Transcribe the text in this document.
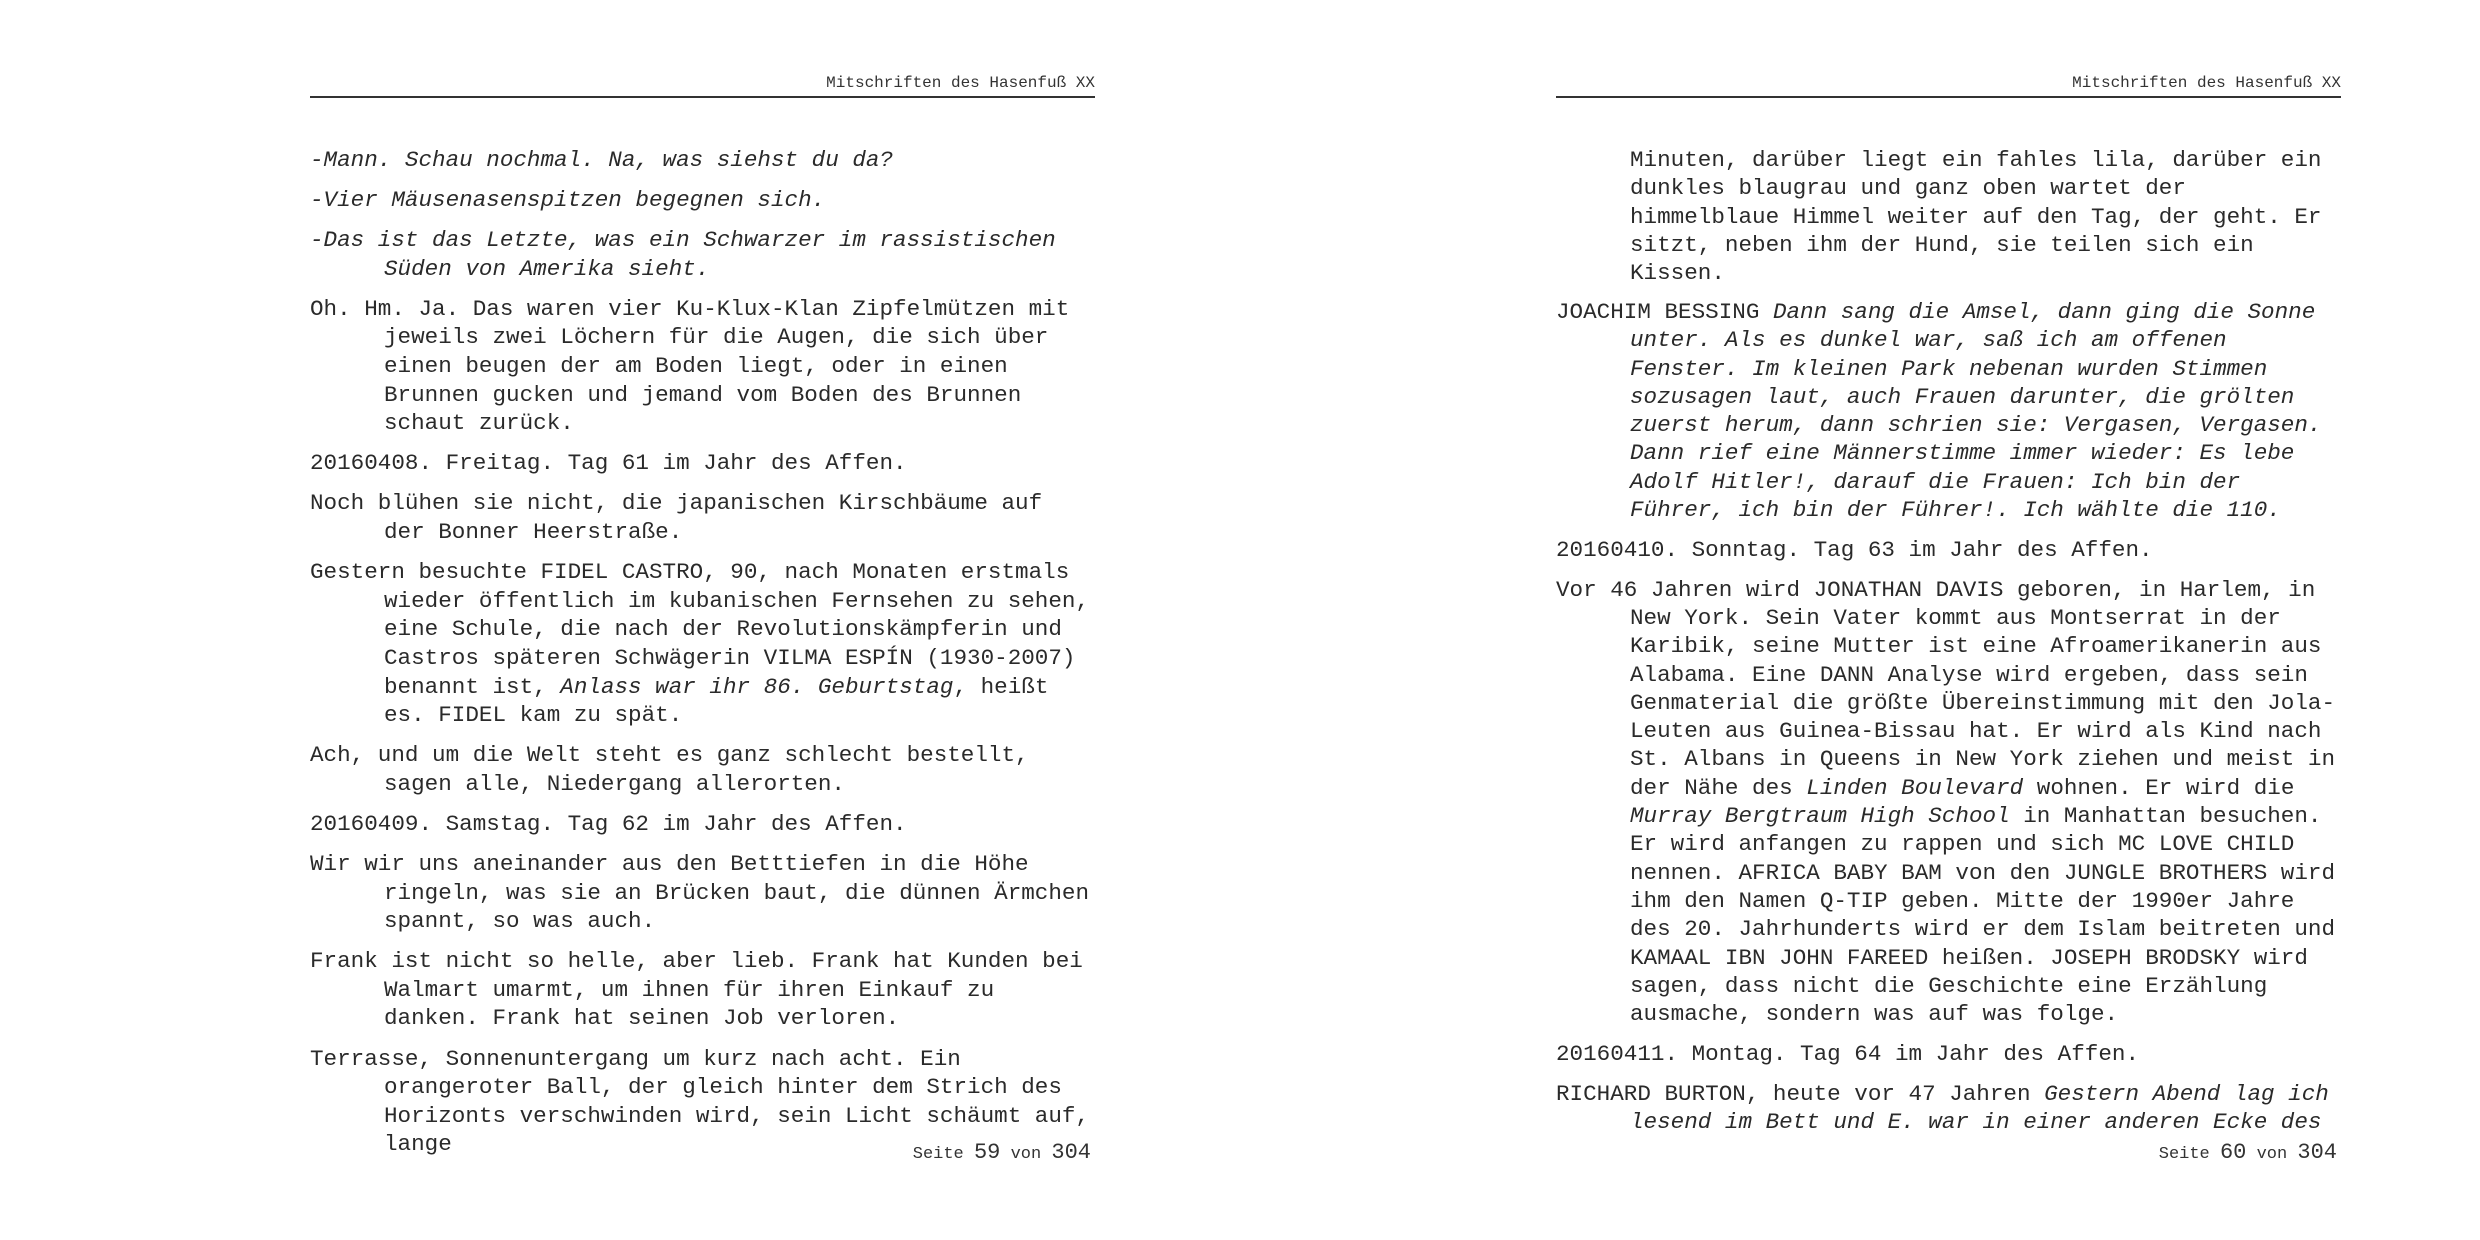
Mitschriften des Hasenfuß XX
-Mann. Schau nochmal. Na, was siehst du da?
-Vier Mäusenasenspitzen begegnen sich.
-Das ist das Letzte, was ein Schwarzer im rassistischen Süden von Amerika sieht.
Oh. Hm. Ja. Das waren vier Ku-Klux-Klan Zipfelmützen mit jeweils zwei Löchern für die Augen, die sich über einen beugen der am Boden liegt, oder in einen Brunnen gucken und jemand vom Boden des Brunnen schaut zurück.
20160408. Freitag. Tag 61 im Jahr des Affen.
Noch blühen sie nicht, die japanischen Kirschbäume auf der Bonner Heerstraße.
Gestern besuchte FIDEL CASTRO, 90, nach Monaten erstmals wieder öffentlich im kubanischen Fernsehen zu sehen, eine Schule, die nach der Revolutionskämpferin und Castros späteren Schwägerin VILMA ESPÍN (1930-2007) benannt ist, Anlass war ihr 86. Geburtstag, heißt es. FIDEL kam zu spät.
Ach, und um die Welt steht es ganz schlecht bestellt, sagen alle, Niedergang allerorten.
20160409. Samstag. Tag 62 im Jahr des Affen.
Wir wir uns aneinander aus den Betttiefen in die Höhe ringeln, was sie an Brücken baut, die dünnen Ärmchen spannt, so was auch.
Frank ist nicht so helle, aber lieb. Frank hat Kunden bei Walmart umarmt, um ihnen für ihren Einkauf zu danken. Frank hat seinen Job verloren.
Terrasse, Sonnenuntergang um kurz nach acht. Ein orangeroter Ball, der gleich hinter dem Strich des Horizonts verschwinden wird, sein Licht schäumt auf, lange	Seite 59 von 304
Mitschriften des Hasenfuß XX
Minuten, darüber liegt ein fahles lila, darüber ein dunkles blaugrau und ganz oben wartet der himmelblaue Himmel weiter auf den Tag, der geht. Er sitzt, neben ihm der Hund, sie teilen sich ein Kissen.
JOACHIM BESSING Dann sang die Amsel, dann ging die Sonne unter. Als es dunkel war, saß ich am offenen Fenster. Im kleinen Park nebenan wurden Stimmen sozusagen laut, auch Frauen darunter, die grölten zuerst herum, dann schrien sie: Vergasen, Vergasen. Dann rief eine Männerstimme immer wieder: Es lebe Adolf Hitler!, darauf die Frauen: Ich bin der Führer, ich bin der Führer!. Ich wählte die 110.
20160410. Sonntag. Tag 63 im Jahr des Affen.
Vor 46 Jahren wird JONATHAN DAVIS geboren, in Harlem, in New York. Sein Vater kommt aus Montserrat in der Karibik, seine Mutter ist eine Afroamerikanerin aus Alabama. Eine DANN Analyse wird ergeben, dass sein Genmaterial die größte Übereinstimmung mit den Jola-Leuten aus Guinea-Bissau hat. Er wird als Kind nach St. Albans in Queens in New York ziehen und meist in der Nähe des Linden Boulevard wohnen. Er wird die Murray Bergtraum High School in Manhattan besuchen. Er wird anfangen zu rappen und sich MC LOVE CHILD nennen. AFRICA BABY BAM von den JUNGLE BROTHERS wird ihm den Namen Q-TIP geben. Mitte der 1990er Jahre des 20. Jahrhunderts wird er dem Islam beitreten und KAMAAL IBN JOHN FAREED heißen. JOSEPH BRODSKY wird sagen, dass nicht die Geschichte eine Erzählung ausmache, sondern was auf was folge.
20160411. Montag. Tag 64 im Jahr des Affen.
RICHARD BURTON, heute vor 47 Jahren Gestern Abend lag ich lesend im Bett und E. war in einer anderen Ecke des
Seite 60 von 304
